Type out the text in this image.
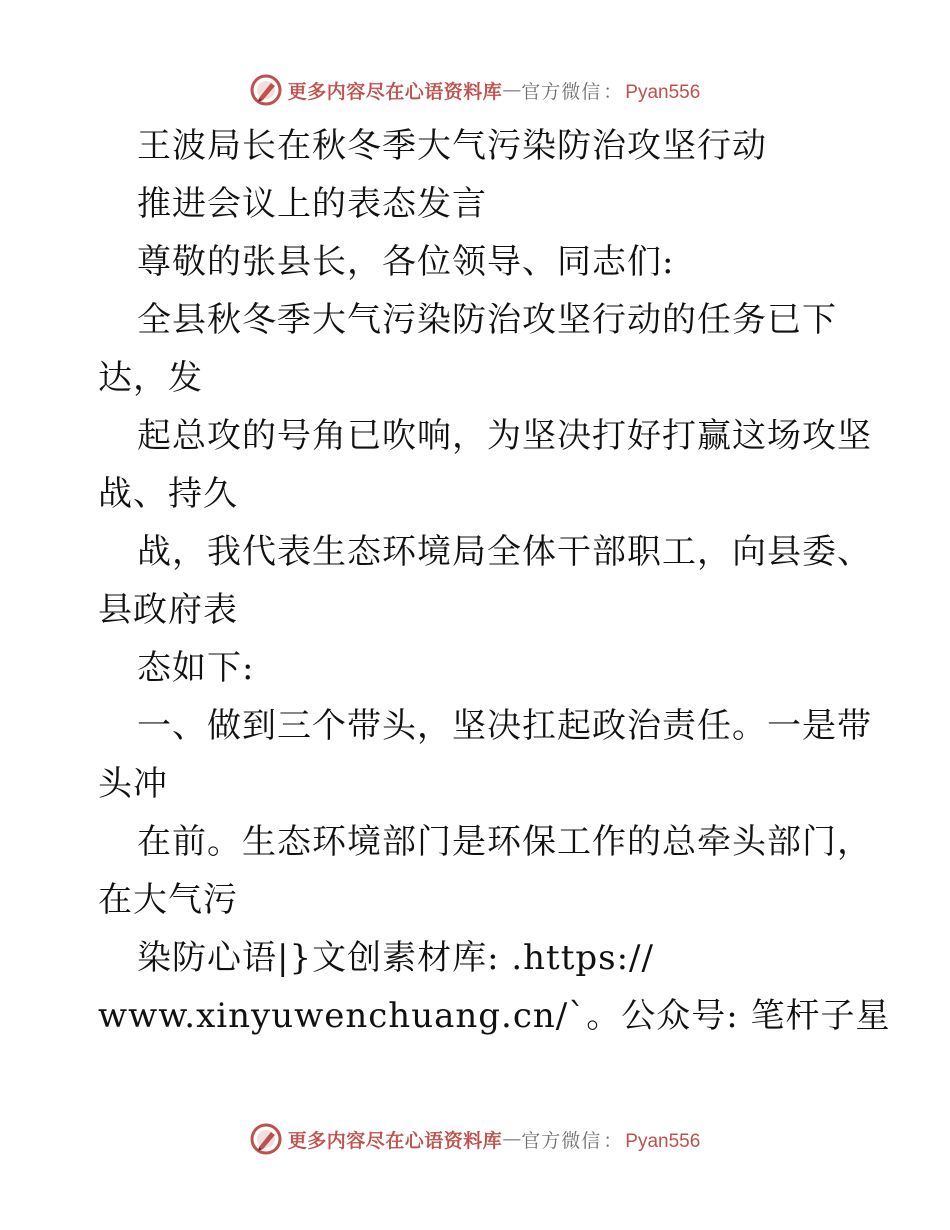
更多内容尽在心语资料库 — 官方微信 ： Pyan556
王波局长在秋冬季大气污染防治攻坚行动
推进会议上的表态发言
尊敬的张县长，各位领导、同志们:
全县秋冬季大气污染防治攻坚行动的任务已下
达，发
起总攻的号角已吹响，为坚决打好打赢这场攻坚
战、持久
战，我代表生态环境局全体干部职工，向县委、
县政府表
态如下:
一、做到三个带头，坚决扛起政治责任。一是带
头冲
在前。生态环境部门是环保工作的总牵头部门，
在大气污
染防心语|}文创素材库: .https://
www.xinyuwenchuang.cn/`。公众号: 笔杆子星
更多内容尽在心语资料库 — 官方微信 ： Pyan556
